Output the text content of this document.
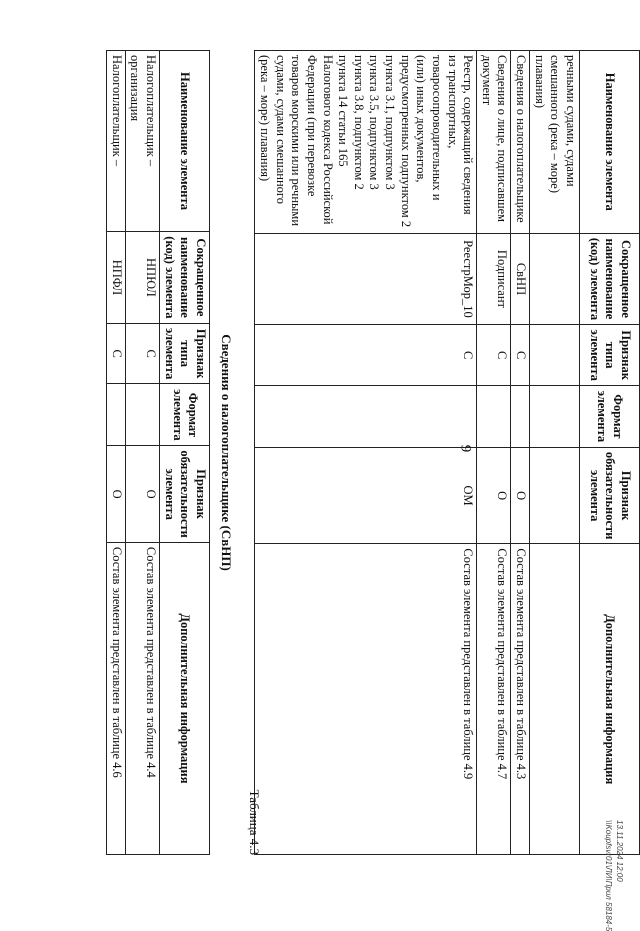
9
Наименование элемента	Сокращенное наименование (код) элемента	Признак типа элемента	Формат элемента	Признак обязательности элемента	Дополнительная информация
речными судами, судами смешанного (река – море) плавания)					
Сведения о налогоплательщике	СвНП	С		О	Состав элемента представлен в таблице 4.3
Сведения о лице, подписавшем документ	Подписант	С		О	Состав элемента представлен в таблице 4.7
Реестр, содержащий сведения из транспортных, товаросопроводительных и (или) иных документов, предусмотренных подпунктом 2 пункта 3.1, подпунктом 3 пункта 3.5, подпунктом 3 пункта 3.8, подпунктом 2 пункта 14 статьи 165 Налогового кодекса Российской Федерации (при перевозке товаров морскими или речными судами, судами смешанного (река – море) плавания)	РеестрМор_10	С		ОМ	Состав элемента представлен в таблице 4.9
Таблица 4.3
Сведения о налогоплательщике (СвНП)
Наименование элемента	Сокращенное наименование (код) элемента	Признак типа элемента	Формат элемента	Признак обязательности элемента	Дополнительная информация
Налогоплательщик – организация	НПЮЛ	С		О	Состав элемента представлен в таблице 4.4
Налогоплательщик –	НПФЛ	С		О	Состав элемента представлен в таблице 4.6
13.11.2024 12:00
\\Koupfsvr01\ЛИ\Прил 58184-5
